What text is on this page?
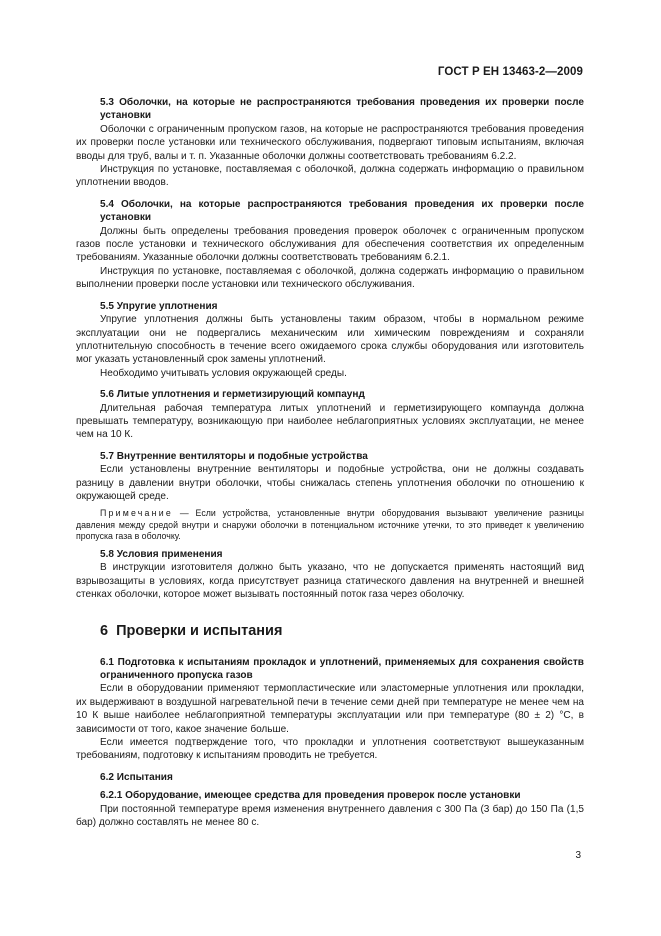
ГОСТ Р ЕН 13463-2—2009
5.3 Оболочки, на которые не распространяются требования проведения их проверки после установки

Оболочки с ограниченным пропуском газов, на которые не распространяются требования проведения их проверки после установки или технического обслуживания, подвергают типовым испытаниям, включая вводы для труб, валы и т. п. Указанные оболочки должны соответствовать требованиям 6.2.2.

Инструкция по установке, поставляемая с оболочкой, должна содержать информацию о правильном уплотнении вводов.

5.4 Оболочки, на которые распространяются требования проведения их проверки после установки

Должны быть определены требования проведения проверок оболочек с ограниченным пропуском газов после установки и технического обслуживания для обеспечения соответствия их определенным требованиям. Указанные оболочки должны соответствовать требованиям 6.2.1.

Инструкция по установке, поставляемая с оболочкой, должна содержать информацию о правильном выполнении проверки после установки или технического обслуживания.

5.5 Упругие уплотнения

Упругие уплотнения должны быть установлены таким образом, чтобы в нормальном режиме эксплуатации они не подвергались механическим или химическим повреждениям и сохраняли уплотнительную способность в течение всего ожидаемого срока службы оборудования или изготовитель мог указать установленный срок замены уплотнений.

Необходимо учитывать условия окружающей среды.

5.6 Литые уплотнения и герметизирующий компаунд

Длительная рабочая температура литых уплотнений и герметизирующего компаунда должна превышать температуру, возникающую при наиболее неблагоприятных условиях эксплуатации, не менее чем на 10 К.

5.7 Внутренние вентиляторы и подобные устройства

Если установлены внутренние вентиляторы и подобные устройства, они не должны создавать разницу в давлении внутри оболочки, чтобы снижалась степень уплотнения оболочки по отношению к окружающей среде.

Примечание — Если устройства, установленные внутри оборудования вызывают увеличение разницы давления между средой внутри и снаружи оболочки в потенциальном источнике утечки, то это приведет к увеличению пропуска газа в оболочку.

5.8 Условия применения

В инструкции изготовителя должно быть указано, что не допускается применять настоящий вид взрывозащиты в условиях, когда присутствует разница статического давления на внутренней и внешней стенках оболочки, которое может вызывать постоянный поток газа через оболочку.

6 Проверки и испытания
6.1 Подготовка к испытаниям прокладок и уплотнений, применяемых для сохранения свойств ограниченного пропуска газов

Если в оборудовании применяют термопластические или эластомерные уплотнения или прокладки, их выдерживают в воздушной нагревательной печи в течение семи дней при температуре не менее чем на 10 К выше наиболее неблагоприятной температуры эксплуатации или при температуре (80 ± 2) °С, в зависимости от того, какое значение больше.

Если имеется подтверждение того, что прокладки и уплотнения соответствуют вышеуказанным требованиям, подготовку к испытаниям проводить не требуется.

6.2 Испытания
6.2.1 Оборудование, имеющее средства для проведения проверок после установки

При постоянной температуре время изменения внутреннего давления с 300 Па (3 бар) до 150 Па (1,5 бар) должно составлять не менее 80 с.

3
